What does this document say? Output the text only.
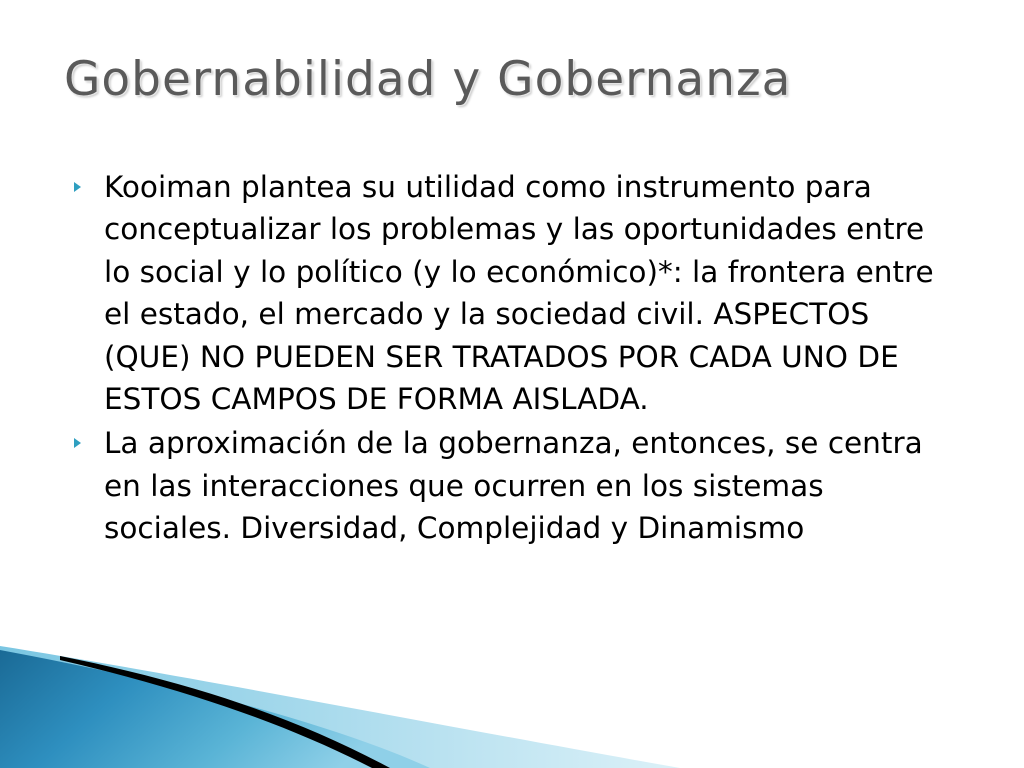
Gobernabilidad y Gobernanza
Kooiman plantea su utilidad como instrumento para conceptualizar los problemas y las oportunidades entre lo social y lo político (y lo económico)*: la frontera entre el estado, el mercado y la sociedad civil. ASPECTOS (QUE) NO PUEDEN SER TRATADOS POR CADA UNO DE ESTOS CAMPOS DE FORMA AISLADA.
La aproximación de la gobernanza, entonces, se centra en las interacciones que ocurren en los sistemas sociales. Diversidad, Complejidad y Dinamismo
